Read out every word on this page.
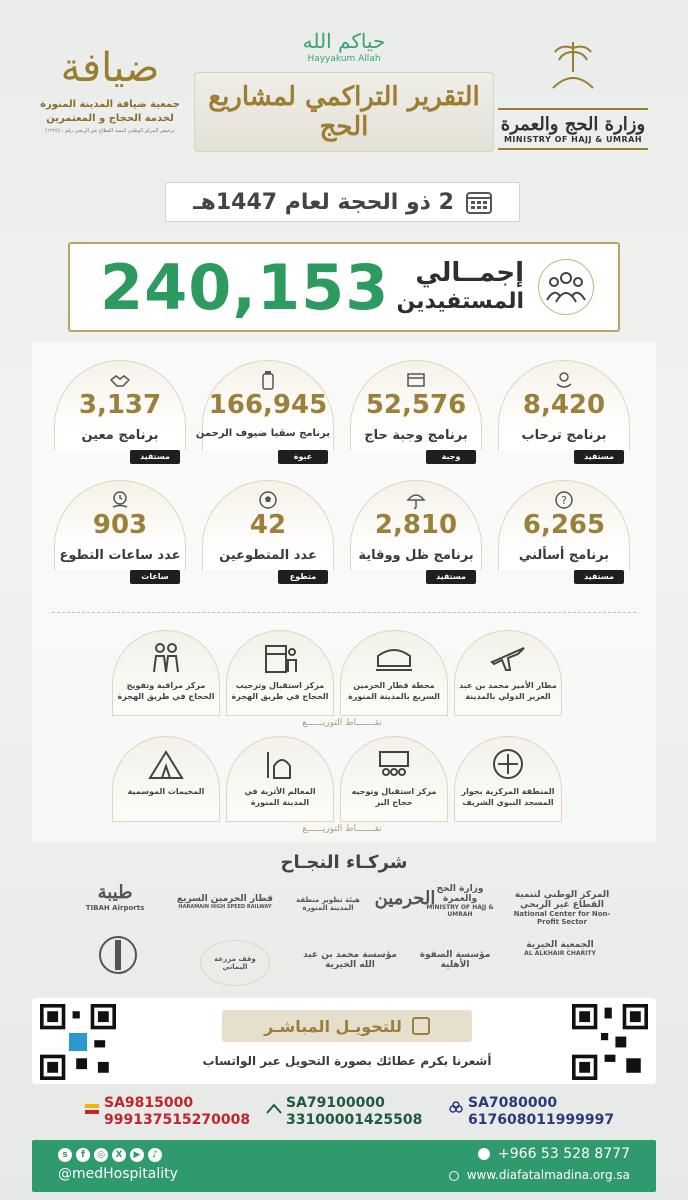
ضيافة
جمعية ضيافة المدينة المنورة
لخدمة الحجاج و المعتمرين
ترخيص المركز الوطني لتنمية القطاع غير الربحي رقم : (١٢٢٥)
حياكم الله
Hayyakum Allah
التقرير التراكمي لمشاريع الحج	وزارة الحج والعمرة
MINISTRY OF HAJJ & UMRAH
2 ذو الحجة لعام 1447هـ
240,153 إجمــالي
المستفيدين
8,420
برنامج ترحاب
مستفيد
52,576
برنامج وجبة حاج
وجبة
166,945
برنامج سقيا ضيوف الرحمن
عبوة
3,137
برنامج معين
مستفيد
?
6,265
برنامج أسألني
مستفيد
2,810
برنامج ظل ووقاية
مستفيد
42
عدد المتطوعين
متطوع
903
عدد ساعات التطوع
ساعات
مطار الأمير محمد بن عبد العزيز الدولي بالمدينة
محطة قطار الحرمين السريع بالمدينة المنورة
مركز استقبال وترحيب الحجاج في طريق الهجرة
مركز مراقبة وتفويج الحجاج في طريق الهجرة
نقـــــــاط التوزيــــــع
المنطقة المركزية بجوار المسجد النبوي الشريف
مركز استقبال وتوجيه حجاج البر
المعالم الأثرية في المدينة المنورة
المخيمات الموسمية
نقـــــــاط التوزيــــــع
شركـاء النجـاح
المركز الوطني لتنمية القطاع غير الربحي
National Center for Non-Profit Sector
وزارة الحج والعمرة
MINISTRY OF HAJJ & UMRAH
الحرمين
هيئة تطوير منطقة المدينة المنورة
قطار الحرمين السريع
HARAMAIN HIGH SPEED RAILWAY
طيبة
TIBAH Airports
الجمعية الخيرية
AL ALKHAIR CHARITY
مؤسسة الصفوة الأهلية
مؤسسة محمد بن عبد الله الخيرية
وقف مزرعة اليماني
للتحويـل المباشـر
أشعرنا بكرم عطائك بصورة التحويل عبر الواتساب
SA9815000
999137515270008
SA79100000
33100001425508
SA7080000
617608011999997
s	f	◎	X	▶	♪
@medHospitality
+966 53 528 8777
www.diafatalmadina.org.sa
